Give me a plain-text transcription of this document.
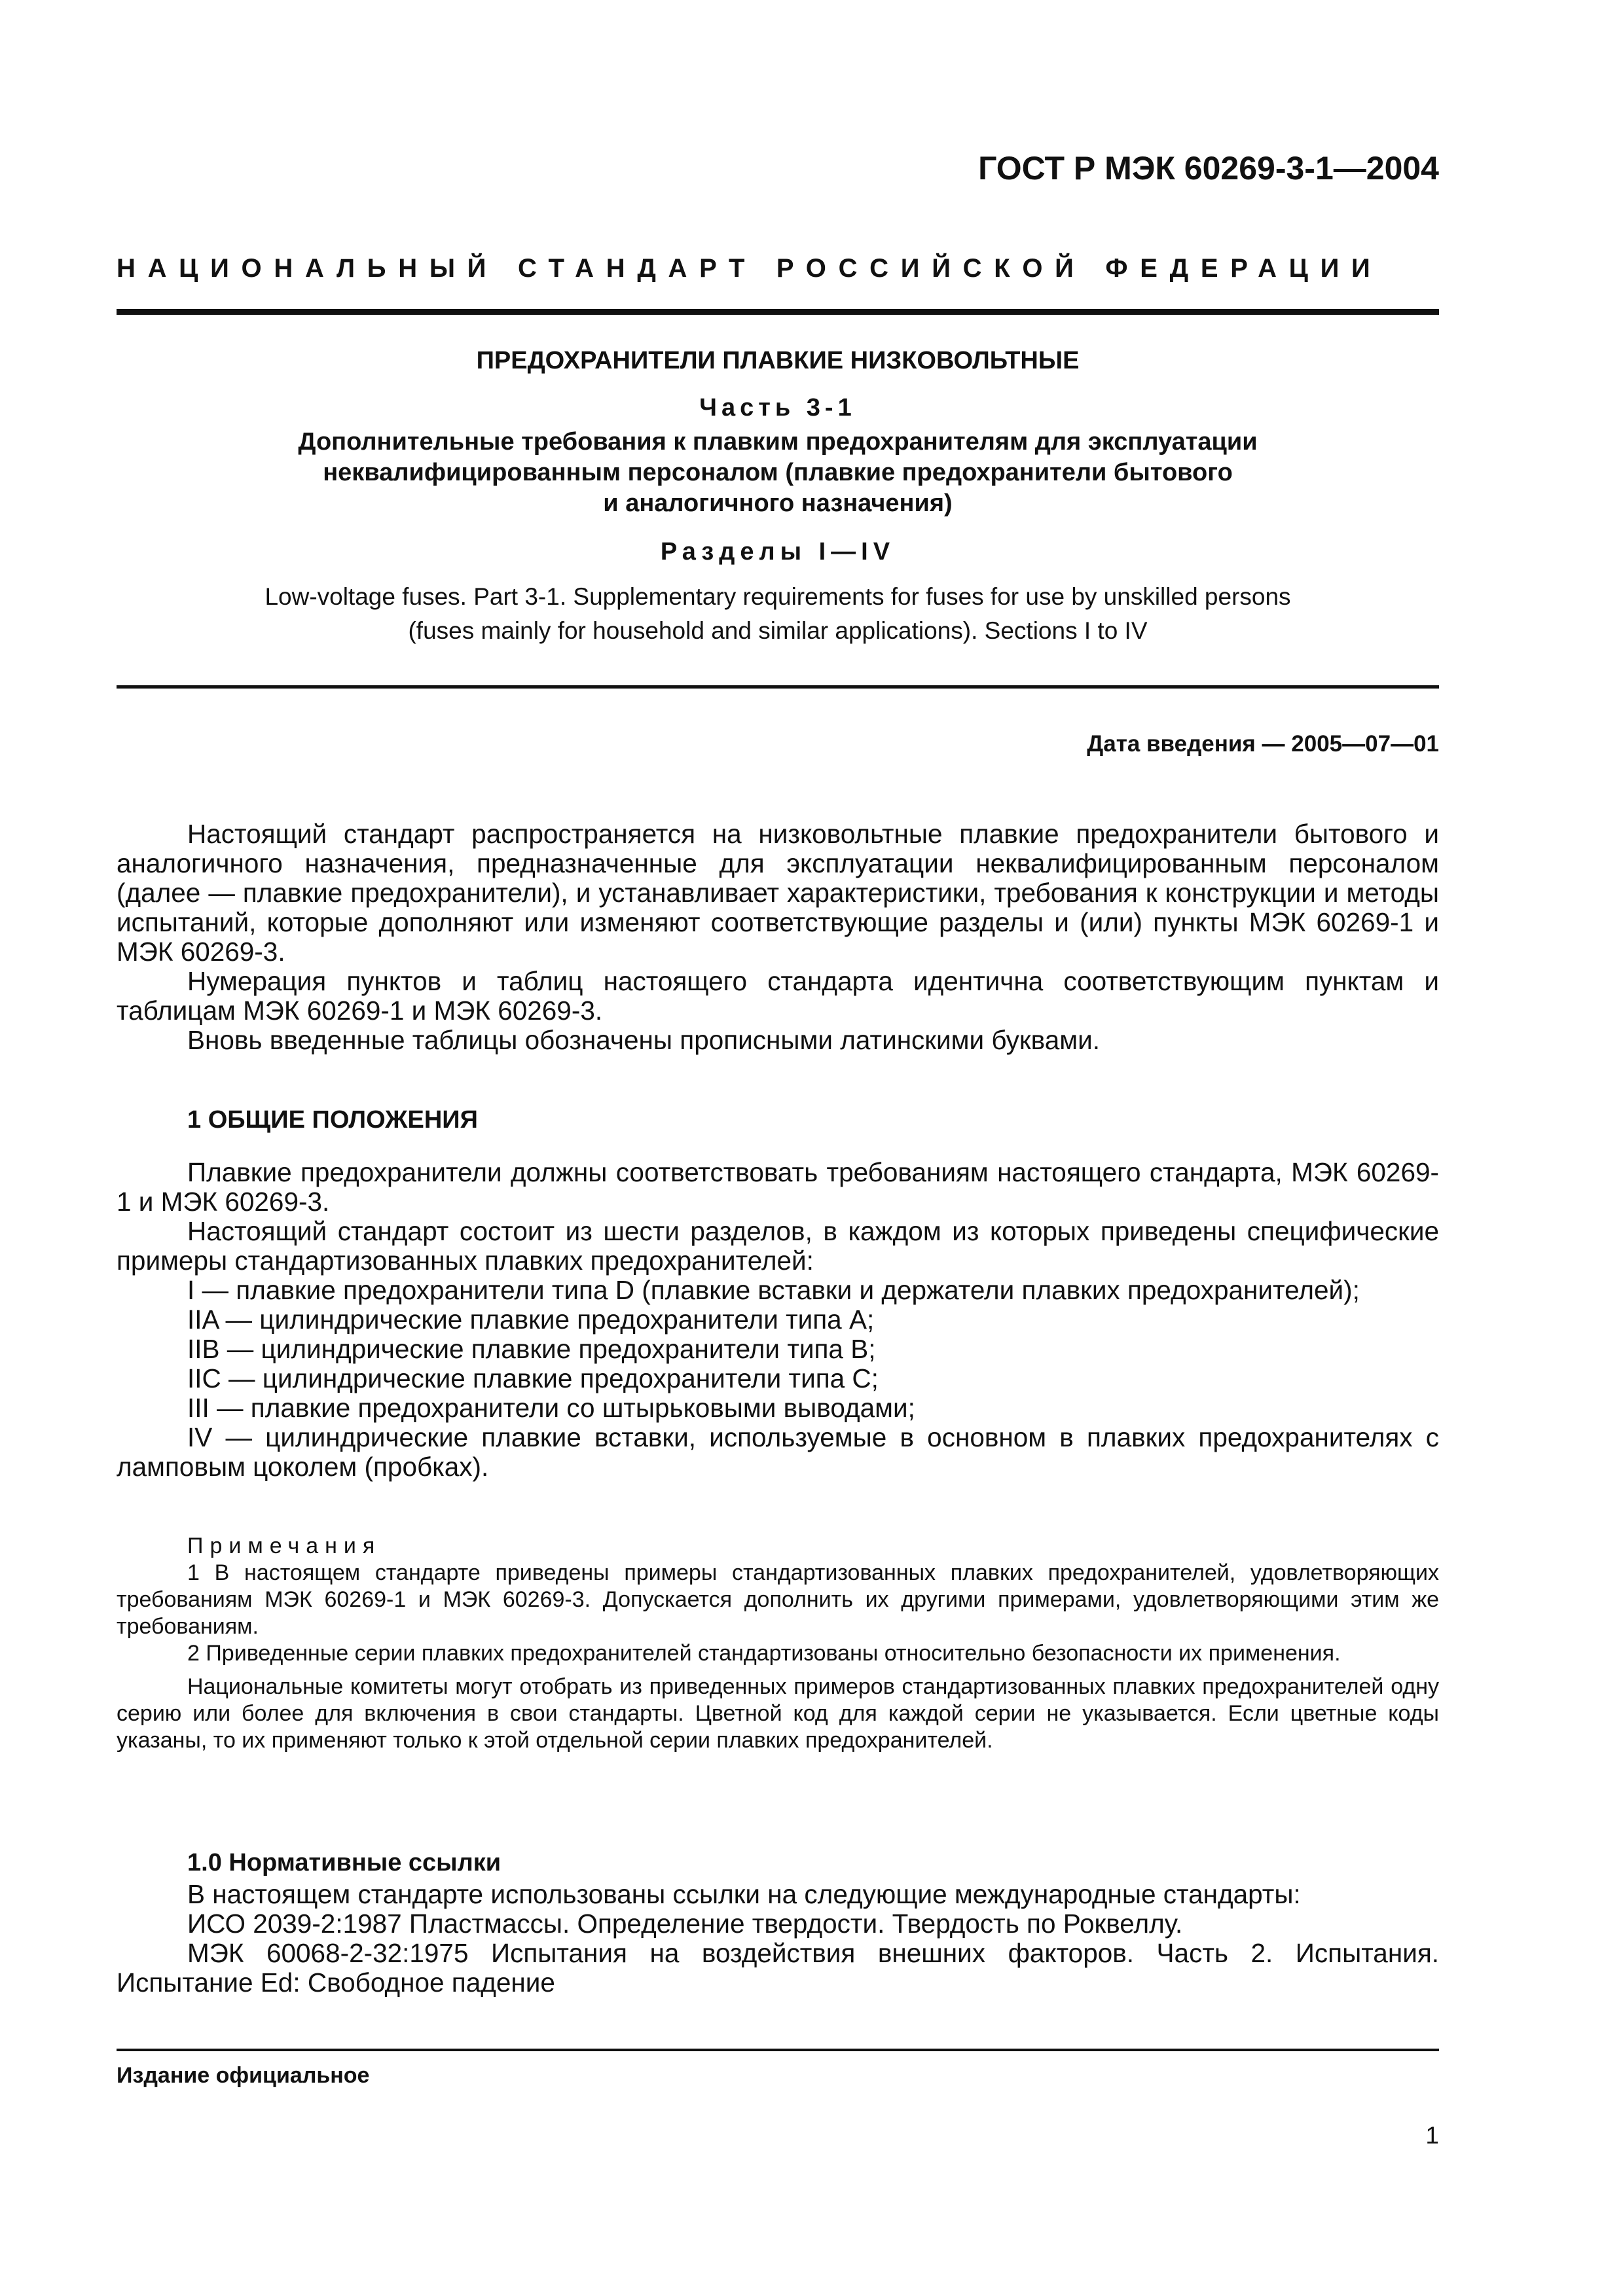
ГОСТ Р МЭК 60269-3-1—2004
НАЦИОНАЛЬНЫЙ СТАНДАРТ РОССИЙСКОЙ ФЕДЕРАЦИИ
ПРЕДОХРАНИТЕЛИ ПЛАВКИЕ НИЗКОВОЛЬТНЫЕ
Часть 3-1
Дополнительные требования к плавким предохранителям для эксплуатации
неквалифицированным персоналом (плавкие предохранители бытового
и аналогичного назначения)
Разделы I—IV
Low-voltage fuses. Part 3-1. Supplementary requirements for fuses for use by unskilled persons
(fuses mainly for household and similar applications). Sections I to IV
Дата введения — 2005—07—01

Настоящий стандарт распространяется на низковольтные плавкие предохранители бытового и аналогичного назначения, предназначенные для эксплуатации неквалифицированным персоналом (далее — плавкие предохранители), и устанавливает характеристики, требования к конструкции и методы испытаний, которые дополняют или изменяют соответствующие разделы и (или) пункты МЭК 60269-1 и МЭК 60269-3.

Нумерация пунктов и таблиц настоящего стандарта идентична соответствующим пунктам и таблицам МЭК 60269-1 и МЭК 60269-3.

Вновь введенные таблицы обозначены прописными латинскими буквами.

1 ОБЩИЕ ПОЛОЖЕНИЯ

Плавкие предохранители должны соответствовать требованиям настоящего стандарта, МЭК 60269-1 и МЭК 60269-3.

Настоящий стандарт состоит из шести разделов, в каждом из которых приведены специфические примеры стандартизованных плавких предохранителей:

I — плавкие предохранители типа D (плавкие вставки и держатели плавких предохранителей);

IIA — цилиндрические плавкие предохранители типа A;

IIB — цилиндрические плавкие предохранители типа B;

IIC — цилиндрические плавкие предохранители типа C;

III — плавкие предохранители со штырьковыми выводами;

IV — цилиндрические плавкие вставки, используемые в основном в плавких предохранителях с ламповым цоколем (пробках).

Примечания

1 В настоящем стандарте приведены примеры стандартизованных плавких предохранителей, удовлетворяющих требованиям МЭК 60269-1 и МЭК 60269-3. Допускается дополнить их другими примерами, удовлетворяющими этим же требованиям.

2 Приведенные серии плавких предохранителей стандартизованы относительно безопасности их применения.

Национальные комитеты могут отобрать из приведенных примеров стандартизованных плавких предохранителей одну серию или более для включения в свои стандарты. Цветной код для каждой серии не указывается. Если цветные коды указаны, то их применяют только к этой отдельной серии плавких предохранителей.

1.0 Нормативные ссылки

В настоящем стандарте использованы ссылки на следующие международные стандарты:

ИСО 2039-2:1987 Пластмассы. Определение твердости. Твердость по Роквеллу.

МЭК 60068-2-32:1975 Испытания на воздействия внешних факторов. Часть 2. Испытания. Испытание Ed: Свободное падение

Издание официальное
1
